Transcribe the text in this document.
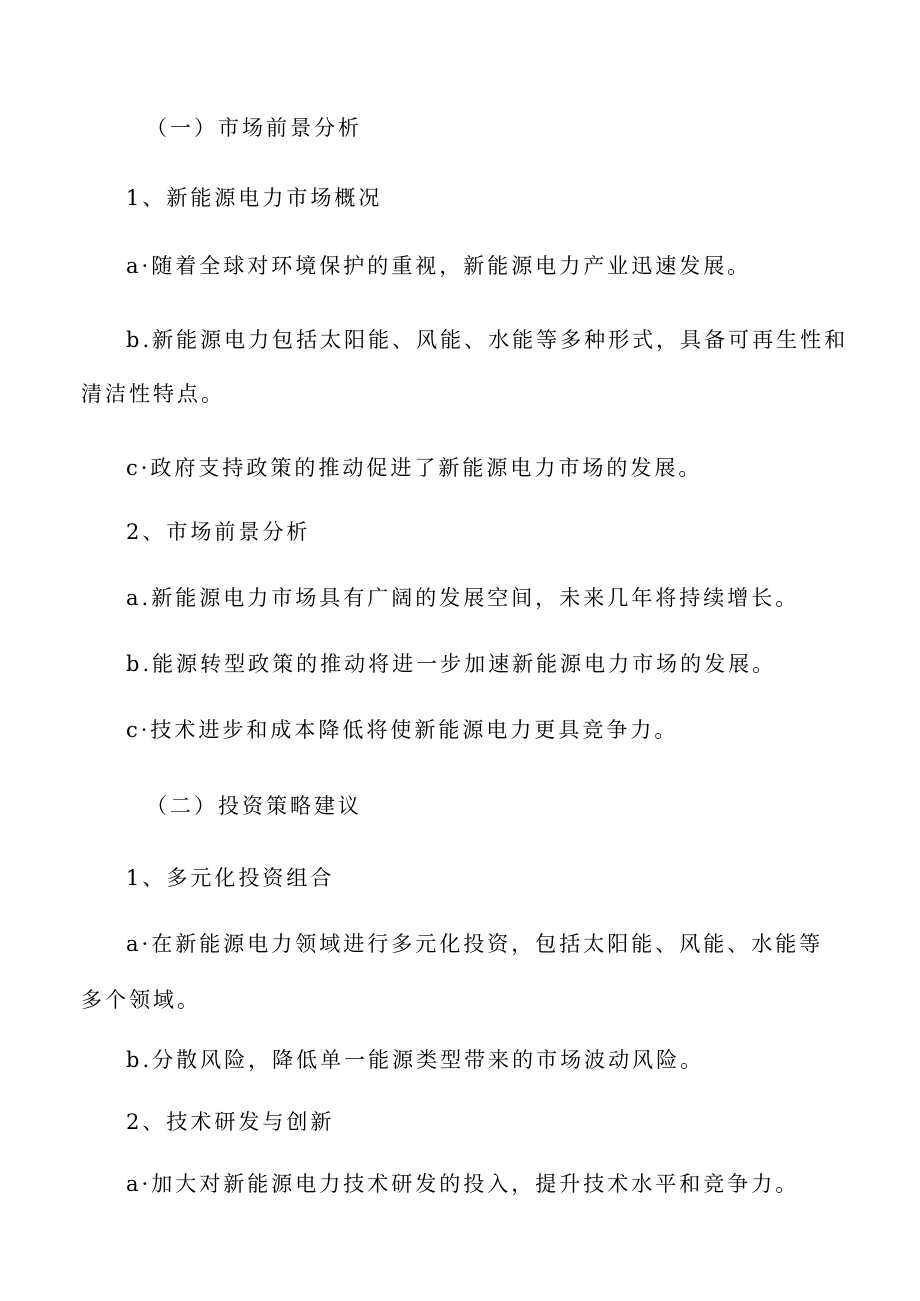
（一）市场前景分析

1、新能源电力市场概况

a·随着全球对环境保护的重视，新能源电力产业迅速发展。

b.新能源电力包括太阳能、风能、水能等多种形式，具备可再生性和

清洁性特点。

c·政府支持政策的推动促进了新能源电力市场的发展。

2、市场前景分析

a.新能源电力市场具有广阔的发展空间，未来几年将持续增长。

b.能源转型政策的推动将进一步加速新能源电力市场的发展。

c·技术进步和成本降低将使新能源电力更具竞争力。

（二）投资策略建议

1、多元化投资组合

a·在新能源电力领域进行多元化投资，包括太阳能、风能、水能等

多个领域。

b.分散风险，降低单一能源类型带来的市场波动风险。

2、技术研发与创新

a·加大对新能源电力技术研发的投入，提升技术水平和竞争力。
